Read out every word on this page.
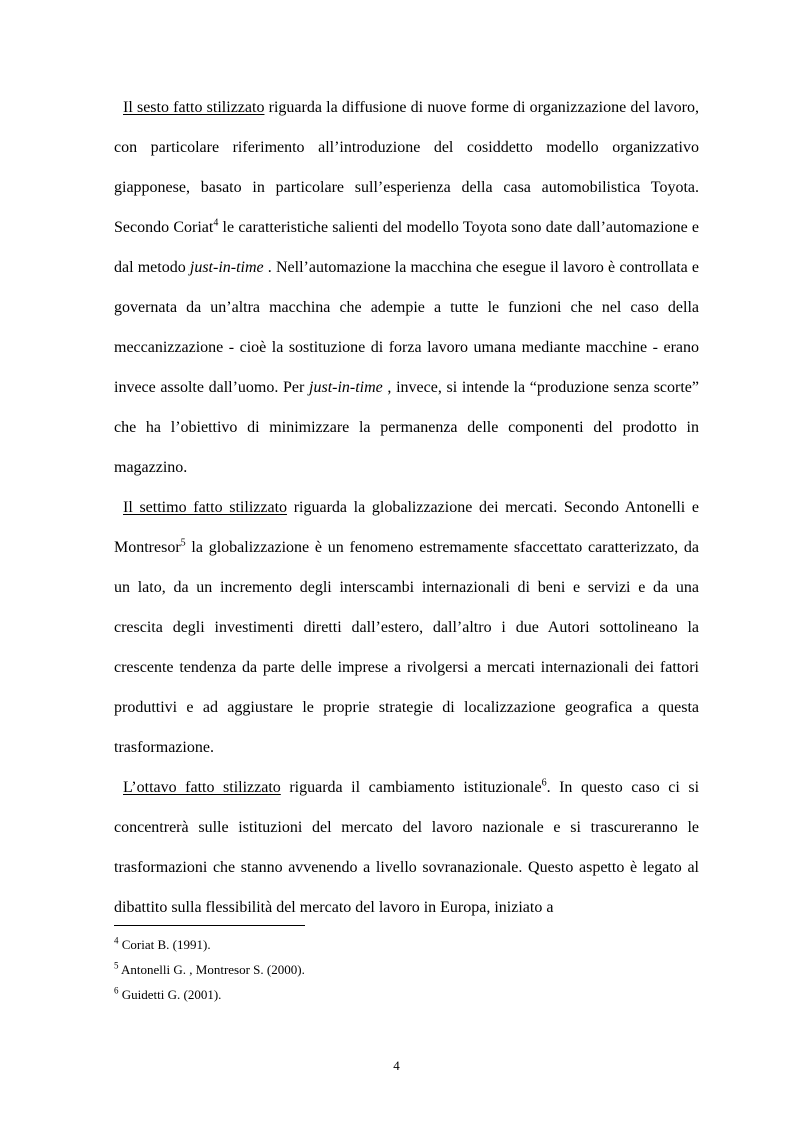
Il sesto fatto stilizzato riguarda la diffusione di nuove forme di organizzazione del lavoro, con particolare riferimento all’introduzione del cosiddetto modello organizzativo giapponese, basato in particolare sull’esperienza della casa automobilistica Toyota. Secondo Coriat$^4$ le caratteristiche salienti del modello Toyota sono date dall’automazione e dal metodo just-in-time . Nell’automazione la macchina che esegue il lavoro è controllata e governata da un’altra macchina che adempie a tutte le funzioni che nel caso della meccanizzazione - cioè la sostituzione di forza lavoro umana mediante macchine - erano invece assolte dall’uomo. Per just-in-time , invece, si intende la “produzione senza scorte” che ha l’obiettivo di minimizzare la permanenza delle componenti del prodotto in magazzino.

Il settimo fatto stilizzato riguarda la globalizzazione dei mercati. Secondo Antonelli e Montresor$^5$ la globalizzazione è un fenomeno estremamente sfaccettato caratterizzato, da un lato, da un incremento degli interscambi internazionali di beni e servizi e da una crescita degli investimenti diretti dall’estero, dall’altro i due Autori sottolineano la crescente tendenza da parte delle imprese a rivolgersi a mercati internazionali dei fattori produttivi e ad aggiustare le proprie strategie di localizzazione geografica a questa trasformazione.

L’ottavo fatto stilizzato riguarda il cambiamento istituzionale$^6$. In questo caso ci si concentrerà sulle istituzioni del mercato del lavoro nazionale e si trascureranno le trasformazioni che stanno avvenendo a livello sovranazionale. Questo aspetto è legato al dibattito sulla flessibilità del mercato del lavoro in Europa, iniziato a

$^4$ Coriat B. (1991).
$^5$ Antonelli G. , Montresor S. (2000).
$^6$ Guidetti G. (2001).
4
